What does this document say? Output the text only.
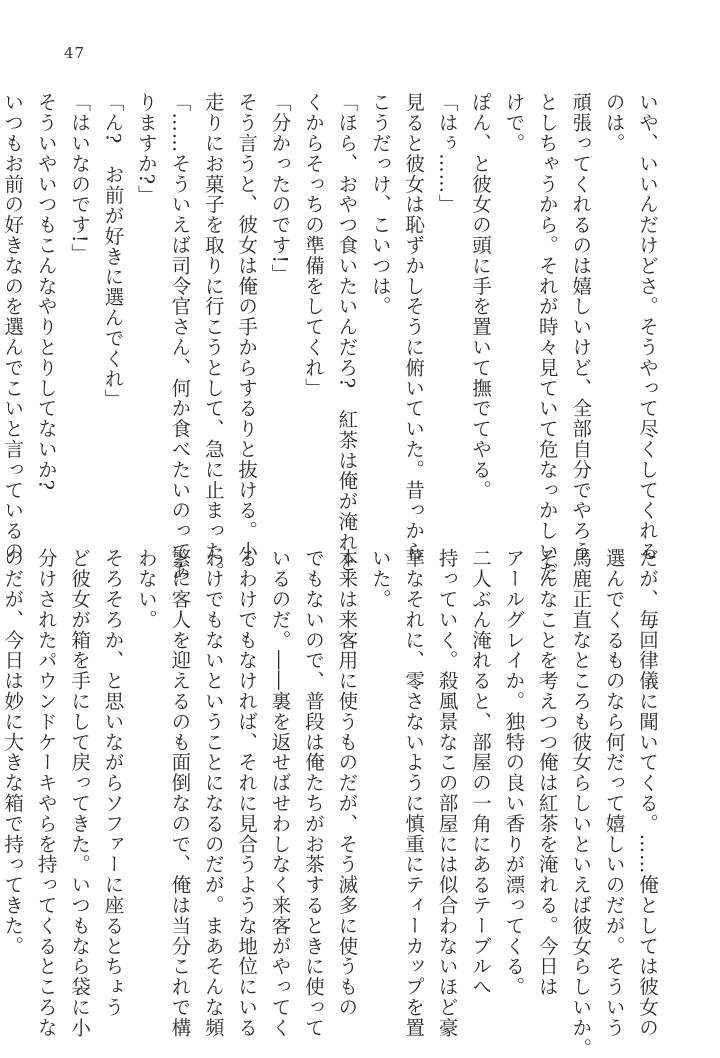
47
いや、いいんだけどさ。そうやって尽くしてくれる
のは。
頑張ってくれるのは嬉しいけど、全部自分でやろう
としちゃうから。それが時々見ていて危なっかしいだ
けで。
ぽん、と彼女の頭に手を置いて撫でてやる。
「はぅ……」
見ると彼女は恥ずかしそうに俯いていた。昔っから
こうだっけ、こいつは。
「ほら、おやつ食いたいんだろ?　紅茶は俺が淹れと
くからそっちの準備をしてくれ」
「分かったのです!」
そう言うと、彼女は俺の手からするりと抜ける。小
走りにお菓子を取りに行こうとして、急に止まった。
「……そういえば司令官さん、何か食べたいのってあ
りますか?」
「ん?　お前が好きに選んでくれ」
「はいなのです!」
そういやいつもこんなやりとりしてないか?
いつもお前の好きなのを選んでこいと言っているの
だが、毎回律儀に聞いてくる。……俺としては彼女の
選んでくるものなら何だって嬉しいのだが。そういう
馬鹿正直なところも彼女らしいといえば彼女らしいか。
そんなことを考えつつ俺は紅茶を淹れる。今日は
アールグレイか。独特の良い香りが漂ってくる。
二人ぶん淹れると、部屋の一角にあるテーブルへ
持っていく。殺風景なこの部屋には似合わないほど豪
華なそれに、零さないように慎重にティーカップを置
いた。
本来は来客用に使うものだが、そう滅多に使うもの
でもないので、普段は俺たちがお茶するときに使って
いるのだ。――裏を返せばせわしなく来客がやってく
るわけでもなければ、それに見合うような地位にいる
わけでもないということになるのだが。まあそんな頻
繁に客人を迎えるのも面倒なので、俺は当分これで構
わない。
そろそろか、と思いながらソファーに座るとちょう
ど彼女が箱を手にして戻ってきた。いつもなら袋に小
分けされたパウンドケーキやらを持ってくるところな
のだが、今日は妙に大きな箱で持ってきた。
